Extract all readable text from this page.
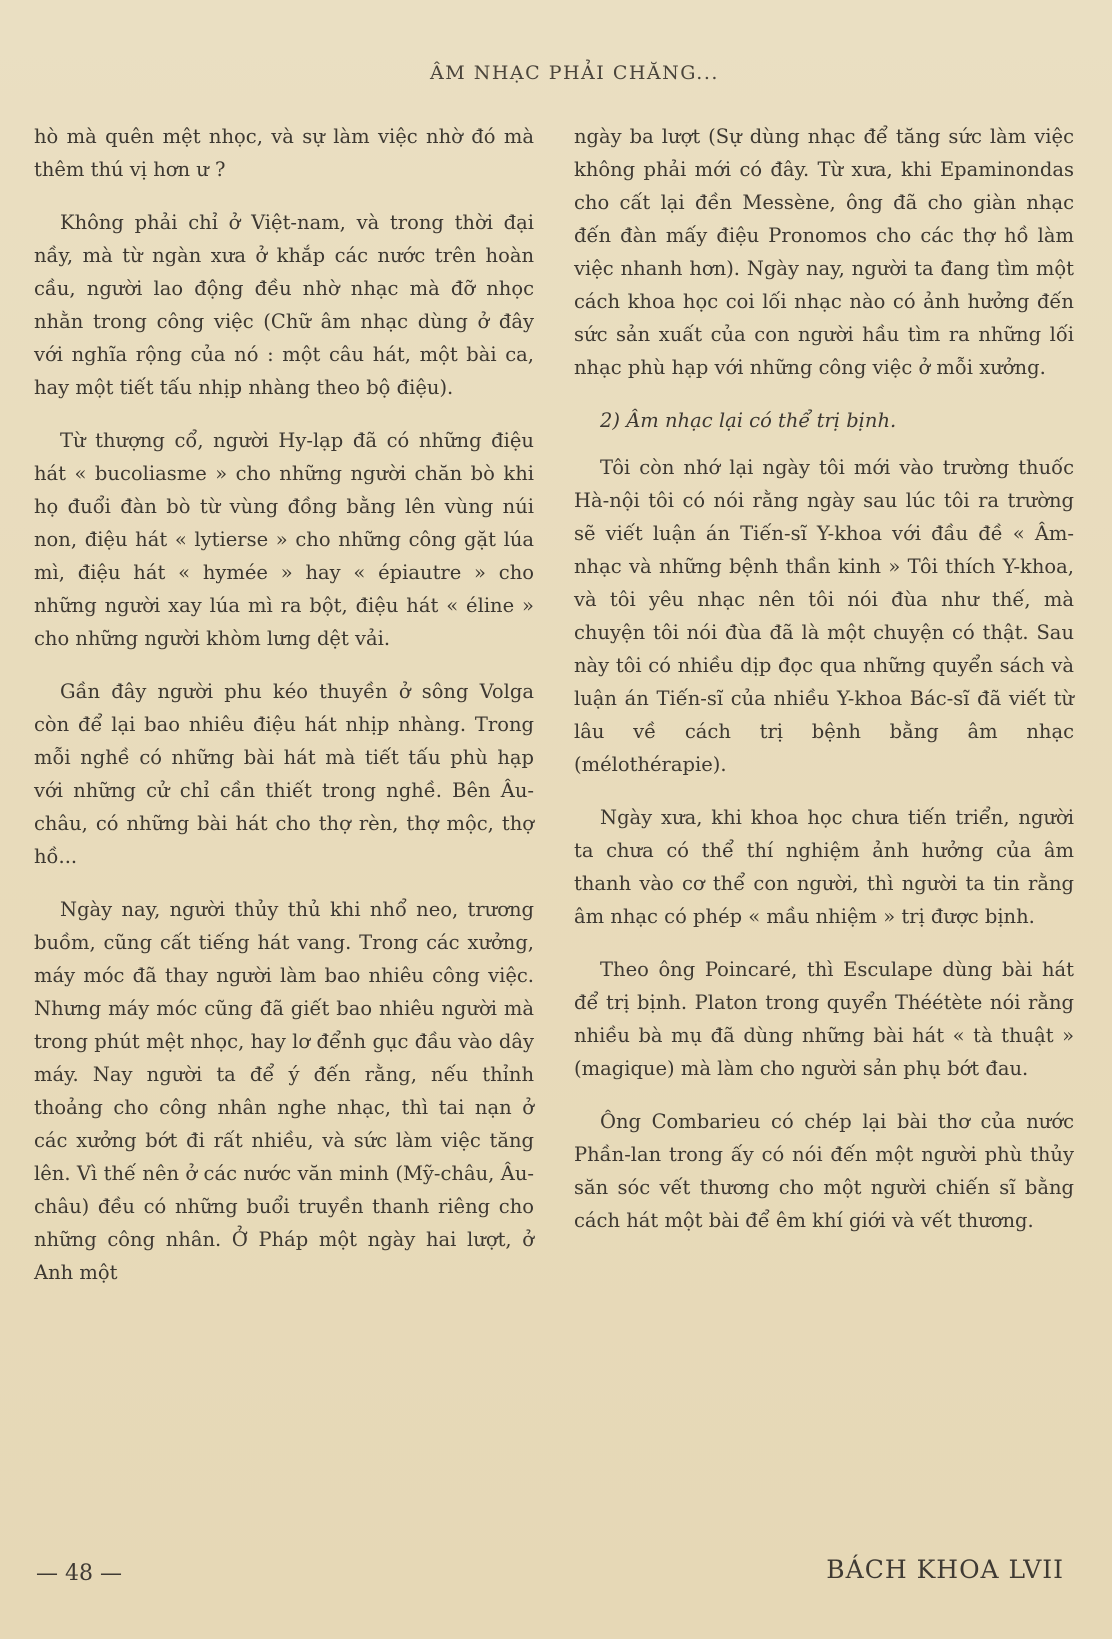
ÂM NHẠC PHẢI CHĂNG...

hò mà quên mệt nhọc, và sự làm việc nhờ đó mà thêm thú vị hơn ư ?

Không phải chỉ ở Việt-nam, và trong thời đại nầy, mà từ ngàn xưa ở khắp các nước trên hoàn cầu, người lao động đều nhờ nhạc mà đỡ nhọc nhằn trong công việc (Chữ âm nhạc dùng ở đây với nghĩa rộng của nó : một câu hát, một bài ca, hay một tiết tấu nhịp nhàng theo bộ điệu).

Từ thượng cổ, người Hy-lạp đã có những điệu hát « bucoliasme » cho những người chăn bò khi họ đuổi đàn bò từ vùng đồng bằng lên vùng núi non, điệu hát « lytierse » cho những công gặt lúa mì, điệu hát « hymée » hay « épiautre » cho những người xay lúa mì ra bột, điệu hát « éline » cho những người khòm lưng dệt vải.

Gần đây người phu kéo thuyền ở sông Volga còn để lại bao nhiêu điệu hát nhịp nhàng. Trong mỗi nghề có những bài hát mà tiết tấu phù hạp với những cử chỉ cần thiết trong nghề. Bên Âu-châu, có những bài hát cho thợ rèn, thợ mộc, thợ hồ...

Ngày nay, người thủy thủ khi nhổ neo, trương buồm, cũng cất tiếng hát vang. Trong các xưởng, máy móc đã thay người làm bao nhiêu công việc. Nhưng máy móc cũng đã giết bao nhiêu người mà trong phút mệt nhọc, hay lơ đểnh gục đầu vào dây máy. Nay người ta để ý đến rằng, nếu thỉnh thoảng cho công nhân nghe nhạc, thì tai nạn ở các xưởng bớt đi rất nhiều, và sức làm việc tăng lên. Vì thế nên ở các nước văn minh (Mỹ-châu, Âu-châu) đều có những buổi truyền thanh riêng cho những công nhân. Ở Pháp một ngày hai lượt, ở Anh một

ngày ba lượt (Sự dùng nhạc để tăng sức làm việc không phải mới có đây. Từ xưa, khi Epaminondas cho cất lại đền Messène, ông đã cho giàn nhạc đến đàn mấy điệu Pronomos cho các thợ hồ làm việc nhanh hơn). Ngày nay, người ta đang tìm một cách khoa học coi lối nhạc nào có ảnh hưởng đến sức sản xuất của con người hầu tìm ra những lối nhạc phù hạp với những công việc ở mỗi xưởng.

2) Âm nhạc lại có thể trị bịnh.

Tôi còn nhớ lại ngày tôi mới vào trường thuốc Hà-nội tôi có nói rằng ngày sau lúc tôi ra trường sẽ viết luận án Tiến-sĩ Y-khoa với đầu đề « Âm-nhạc và những bệnh thần kinh » Tôi thích Y-khoa, và tôi yêu nhạc nên tôi nói đùa như thế, mà chuyện tôi nói đùa đã là một chuyện có thật. Sau này tôi có nhiều dịp đọc qua những quyển sách và luận án Tiến-sĩ của nhiều Y-khoa Bác-sĩ đã viết từ lâu về cách trị bệnh bằng âm nhạc (mélothérapie).

Ngày xưa, khi khoa học chưa tiến triển, người ta chưa có thể thí nghiệm ảnh hưởng của âm thanh vào cơ thể con người, thì người ta tin rằng âm nhạc có phép « mầu nhiệm » trị được bịnh.

Theo ông Poincaré, thì Esculape dùng bài hát để trị bịnh. Platon trong quyển Théétète nói rằng nhiều bà mụ đã dùng những bài hát « tà thuật » (magique) mà làm cho người sản phụ bớt đau.

Ông Combarieu có chép lại bài thơ của nước Phần-lan trong ấy có nói đến một người phù thủy săn sóc vết thương cho một người chiến sĩ bằng cách hát một bài để êm khí giới và vết thương.

— 48 —	BÁCH KHOA LVII
